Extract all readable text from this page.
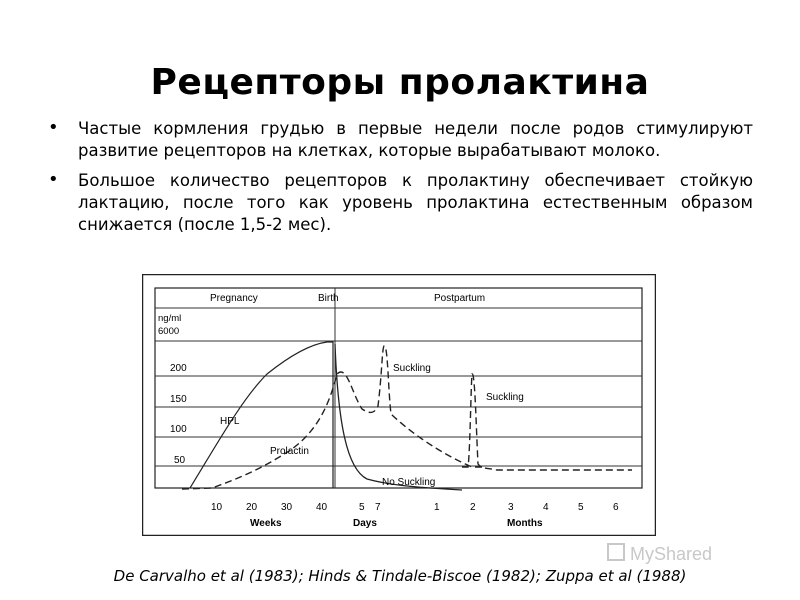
Рецепторы пролактина
• Частые кормления грудью в первые недели после родов стимулируют развитие рецепторов на клетках, которые вырабатывают молоко.
• Большое количество рецепторов к пролактину обеспечивает стойкую лактацию, после того как уровень пролактина естественным образом снижается (после 1,5-2 мес).
Pregnancy	Birth	Postpartum
ng/ml
6000
200
150
100
50
10 20 30 40	5 7	1	2	3	4	5	6
Weeks	Days	Months
HPL
Prolactin
Suckling
Suckling
No Suckling
MyShared
De Carvalho et al (1983); Hinds & Tindale-Biscoe (1982); Zuppa et al (1988)
